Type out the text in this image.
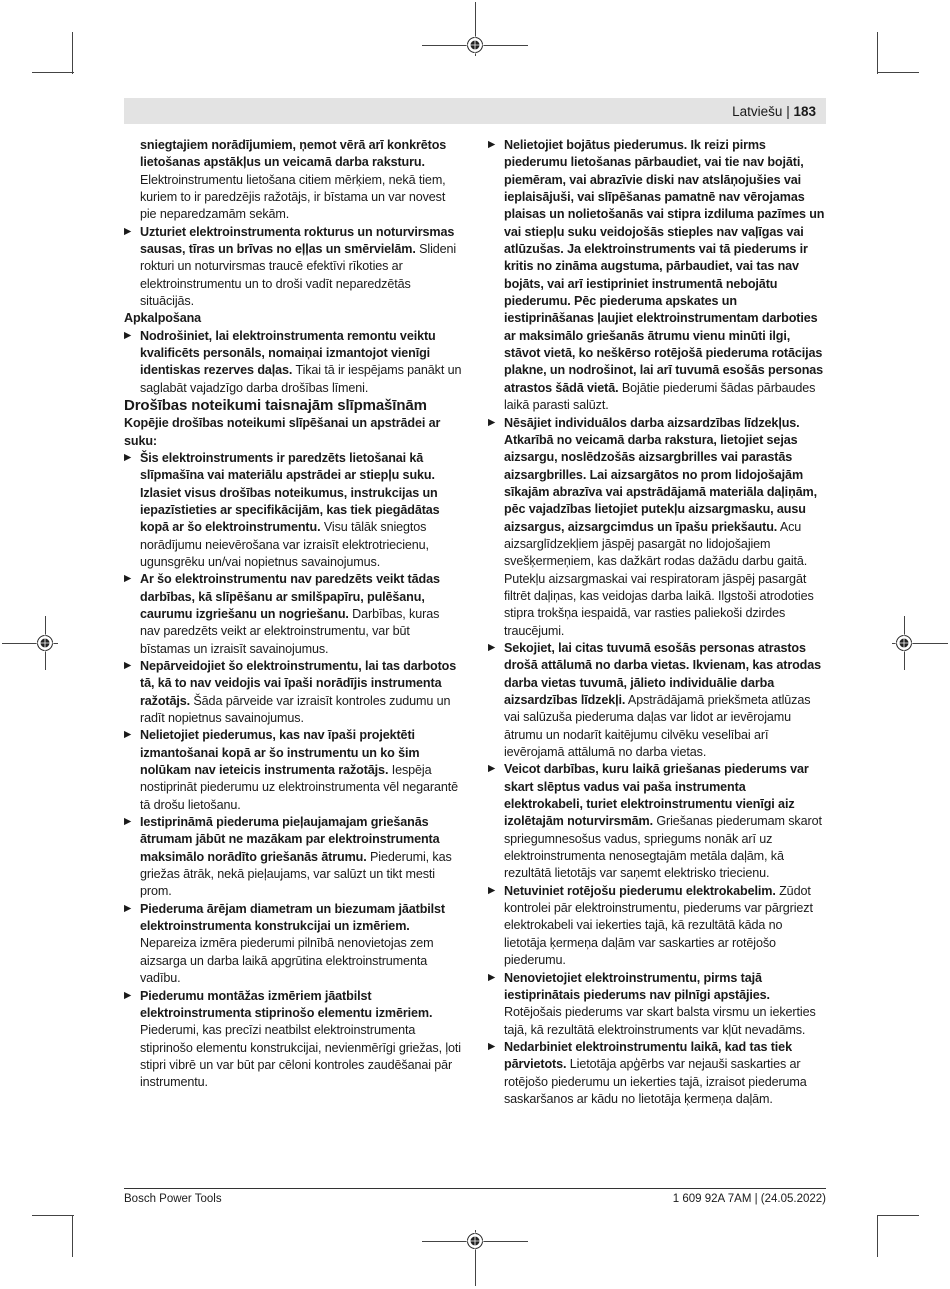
Latviešu | 183

sniegtajiem norādījumiem, ņemot vērā arī konkrētos lietošanas apstākļus un veicamā darba raksturu.
Elektroinstrumentu lietošana citiem mērķiem, nekā tiem, kuriem to ir paredzējis ražotājs, ir bīstama un var novest pie neparedzamām sekām.

▶ Uzturiet elektroinstrumenta rokturus un noturvirsmas sausas, tīras un brīvas no eļļas un smērvielām. Slideni rokturi un noturvirsmas traucē efektīvi rīkoties ar elektroinstrumentu un to droši vadīt neparedzētās situācijās.

Apkalpošana

▶ Nodrošiniet, lai elektroinstrumenta remontu veiktu kvalificēts personāls, nomaiņai izmantojot vienīgi identiskas rezerves daļas. Tikai tā ir iespējams panākt un saglabāt vajadzīgo darba drošības līmeni.

Drošības noteikumi taisnajām slīpmašīnām

Kopējie drošības noteikumi slīpēšanai un apstrādei ar suku:

▶ Šis elektroinstruments ir paredzēts lietošanai kā slīpmašīna vai materiālu apstrādei ar stiepļu suku. Izlasiet visus drošības noteikumus, instrukcijas un iepazīstieties ar specifikācijām, kas tiek piegādātas kopā ar šo elektroinstrumentu. Visu tālāk sniegtos norādījumu neievērošana var izraisīt elektrotriecienu, ugunsgrēku un/vai nopietnus savainojumus.

▶ Ar šo elektroinstrumentu nav paredzēts veikt tādas darbības, kā slīpēšanu ar smilšpapīru, pulēšanu, caurumu izgriešanu un nogriešanu. Darbības, kuras nav paredzēts veikt ar elektroinstrumentu, var būt bīstamas un izraisīt savainojumus.

▶ Nepārveidojiet šo elektroinstrumentu, lai tas darbotos tā, kā to nav veidojis vai īpaši norādījis instrumenta ražotājs. Šāda pārveide var izraisīt kontroles zudumu un radīt nopietnus savainojumus.

▶ Nelietojiet piederumus, kas nav īpaši projektēti izmantošanai kopā ar šo instrumentu un ko šim nolūkam nav ieteicis instrumenta ražotājs. Iespēja nostiprināt piederumu uz elektroinstrumenta vēl negarantē tā drošu lietošanu.

▶ Iestiprināmā piederuma pieļaujamajam griešanās ātrumam jābūt ne mazākam par elektroinstrumenta maksimālo norādīto griešanās ātrumu. Piederumi, kas griežas ātrāk, nekā pieļaujams, var salūzt un tikt mesti prom.

▶ Piederuma ārējam diametram un biezumam jāatbilst elektroinstrumenta konstrukcijai un izmēriem. Nepareiza izmēra piederumi pilnībā nenovietojas zem aizsarga un darba laikā apgrūtina elektroinstrumenta vadību.

▶ Piederumu montāžas izmēriem jāatbilst elektroinstrumenta stiprinošo elementu izmēriem. Piederumi, kas precīzi neatbilst elektroinstrumenta stiprinošo elementu konstrukcijai, nevienmērīgi griežas, ļoti stipri vibrē un var būt par cēloni kontroles zaudēšanai pār instrumentu.

▶ Nelietojiet bojātus piederumus. Ik reizi pirms piederumu lietošanas pārbaudiet, vai tie nav bojāti, piemēram, vai abrazīvie diski nav atslāņojušies vai ieplaisājuši, vai slīpēšanas pamatnē nav vērojamas plaisas un nolietošanās vai stipra izdiluma pazīmes un vai stiepļu suku veidojošās stieples nav vaļīgas vai atlūzušas. Ja elektroinstruments vai tā piederums ir kritis no zināma augstuma, pārbaudiet, vai tas nav bojāts, vai arī iestipriniet instrumentā nebojātu piederumu. Pēc piederuma apskates un iestiprināšanas ļaujiet elektroinstrumentam darboties ar maksimālo griešanās ātrumu vienu minūti ilgi, stāvot vietā, ko neškērso rotējošā piederuma rotācijas plakne, un nodrošinot, lai arī tuvumā esošās personas atrastos šādā vietā. Bojātie piederumi šādas pārbaudes laikā parasti salūzt.

▶ Nēsājiet individuālos darba aizsardzības līdzekļus. Atkarībā no veicamā darba rakstura, lietojiet sejas aizsargu, noslēdzošās aizsargbrilles vai parastās aizsargbrilles. Lai aizsargātos no prom lidojošajām sīkajām abrazīva vai apstrādājamā materiāla daļiņām, pēc vajadzības lietojiet putekļu aizsargmasku, ausu aizsargus, aizsargcimdus un īpašu priekšautu. Acu aizsarglīdzekļiem jāspēj pasargāt no lidojošajiem svešķermeņiem, kas dažkārt rodas dažādu darbu gaitā. Putekļu aizsargmaskai vai respiratoram jāspēj pasargāt filtrēt daļiņas, kas veidojas darba laikā. Ilgstoši atrodoties stipra trokšņa iespaidā, var rasties paliekoši dzirdes traucējumi.

▶ Sekojiet, lai citas tuvumā esošās personas atrastos drošā attālumā no darba vietas. Ikvienam, kas atrodas darba vietas tuvumā, jālieto individuālie darba aizsardzības līdzekļi. Apstrādājamā priekšmeta atlūzas vai salūzuša piederuma daļas var lidot ar ievērojamu ātrumu un nodarīt kaitējumu cilvēku veselībai arī ievērojamā attālumā no darba vietas.

▶ Veicot darbības, kuru laikā griešanas piederums var skart slēptus vadus vai paša instrumenta elektrokabeli, turiet elektroinstrumentu vienīgi aiz izolētajām noturvirsmām. Griešanas piederumam skarot spriegumnesošus vadus, spriegums nonāk arī uz elektroinstrumenta nenosegtajām metāla daļām, kā rezultātā lietotājs var saņemt elektrisko triecienu.

▶ Netuviniet rotējošu piederumu elektrokabelim. Zūdot kontrolei pār elektroinstrumentu, piederums var pārgriezt elektrokabeli vai iekerties tajā, kā rezultātā kāda no lietotāja ķermeņa daļām var saskarties ar rotējošo piederumu.

▶ Nenovietojiet elektroinstrumentu, pirms tajā iestiprinātais piederums nav pilnīgi apstājies. Rotējošais piederums var skart balsta virsmu un iekerties tajā, kā rezultātā elektroinstruments var kļūt nevadāms.

▶ Nedarbiniet elektroinstrumentu laikā, kad tas tiek pārvietots. Lietotāja apģērbs var nejauši saskarties ar rotējošo piederumu un iekerties tajā, izraisot piederuma saskaršanos ar kādu no lietotāja ķermeņa daļām.

Bosch Power Tools	1 609 92A 7AM | (24.05.2022)
